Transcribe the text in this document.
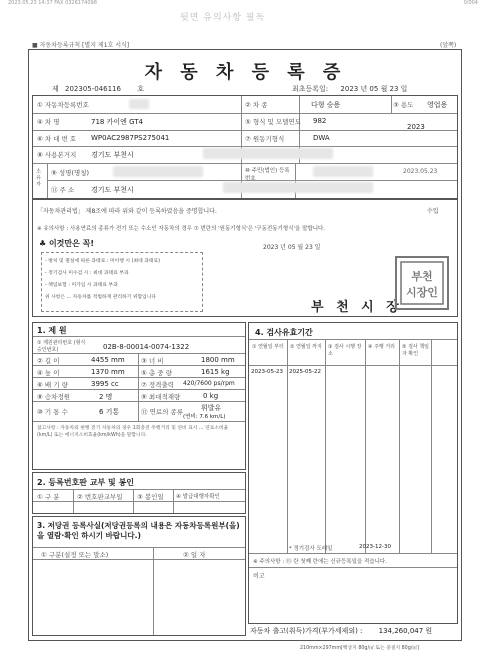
2023.05.23 14:37 FAX 0326174098	0/004
뒷면 유의사항 필독
■ 자동차등록규칙 [별지 제1호 서식]	(앞쪽)
자 동 차 등 록 증
제 202305-046116 호	최초등록일: 2023 년 05 월 23 일
① 자동차등록번호	② 차 종	다형 승용	③ 용도 영업용
④ 차 명	718 카이엔 GT4	⑤ 형식 및 모델연도 982
2023
⑥ 차 대 번 호 WP0AC2987PS275041	⑦ 원동기형식	DWA
⑧ 사용본거지 경기도 부천시
소 유 자 ⑨ 성명(명칭)	⑩ 주민(법인) 등록번호
2023.05.23
⑪ 주 소 경기도 부천시
「자동차관리법」 제8조에 따라 위와 같이 등록하였음을 증명합니다.	수입
※ 유의사항 : 사용연료의 종류가 전기 또는 수소인 자동차의 경우 ⑦ 번란의 '원동기형식'은 '구동전동기형식'을 말합니다.
♣ 이것만은 꼭!	2023 년 05 월 23 일
- 방치 및 멸실에 따른 과태료 : 미이행 시 (최대 과태료)
- 정기검사 미수검 시 : 최대 과태료 부과
- 책임보험 : 미가입 시 과태료 부과
위 사항은 ... 자동차를 적법하게 관리하기 위함입니다
부 천 시 장
부천
시장인
1. 제 원
① 제원관리번호 (형식승인번호)	02B-8-00014-0074-1322
② 길 이	4455 mm	③ 너 비	1800 mm
④ 높 이	1370 mm	⑤ 총 중 량	1615 kg
⑥ 배 기 량	3995 cc	⑦ 정격출력 420/7600 ps/rpm
⑧ 승차정원	2 명	⑨ 최대적재량	0 kg
⑩ 기 통 수	6 기통	⑪ 연료의 종류	휘발유
(연비: 7.6 km/L)
참고사항 : 자동차의 현행 전기 자동차의 경우 1회충전 주행거리 및 연비 표시 ... 연료소비율(km/L) 또는 에너지소비효율(km/kWh)을 말합니다.
2. 등록번호판 교부 및 봉인
① 구 분	② 번호판교부일 ③ 봉인일 ④ 발급대행자확인
3. 저당권 등록사실(저당권등록의 내용은 자동차등록원부(을)을 열람·확인 하시기 바랍니다.)
① 구분(설정 또는 말소)	② 일 자
4. 검사유효기간
① 연월일 부터	② 연월일 까지	③ 검사 시행 장소
④ 주행 거리	⑤ 검사 책임자 확인
2023-05-23 2025-05-22
* 정기검사 도래일	2023-12-30
※ 주의사항 : ⑮ 란 첫째 란에는 신규등록일을 적습니다.
비고
자동차 출고(취득)가격(부가세제외) : 134,260,047 원
210mm×297mm[백상지 80g/㎡ 또는 중질지 80g/㎡]
